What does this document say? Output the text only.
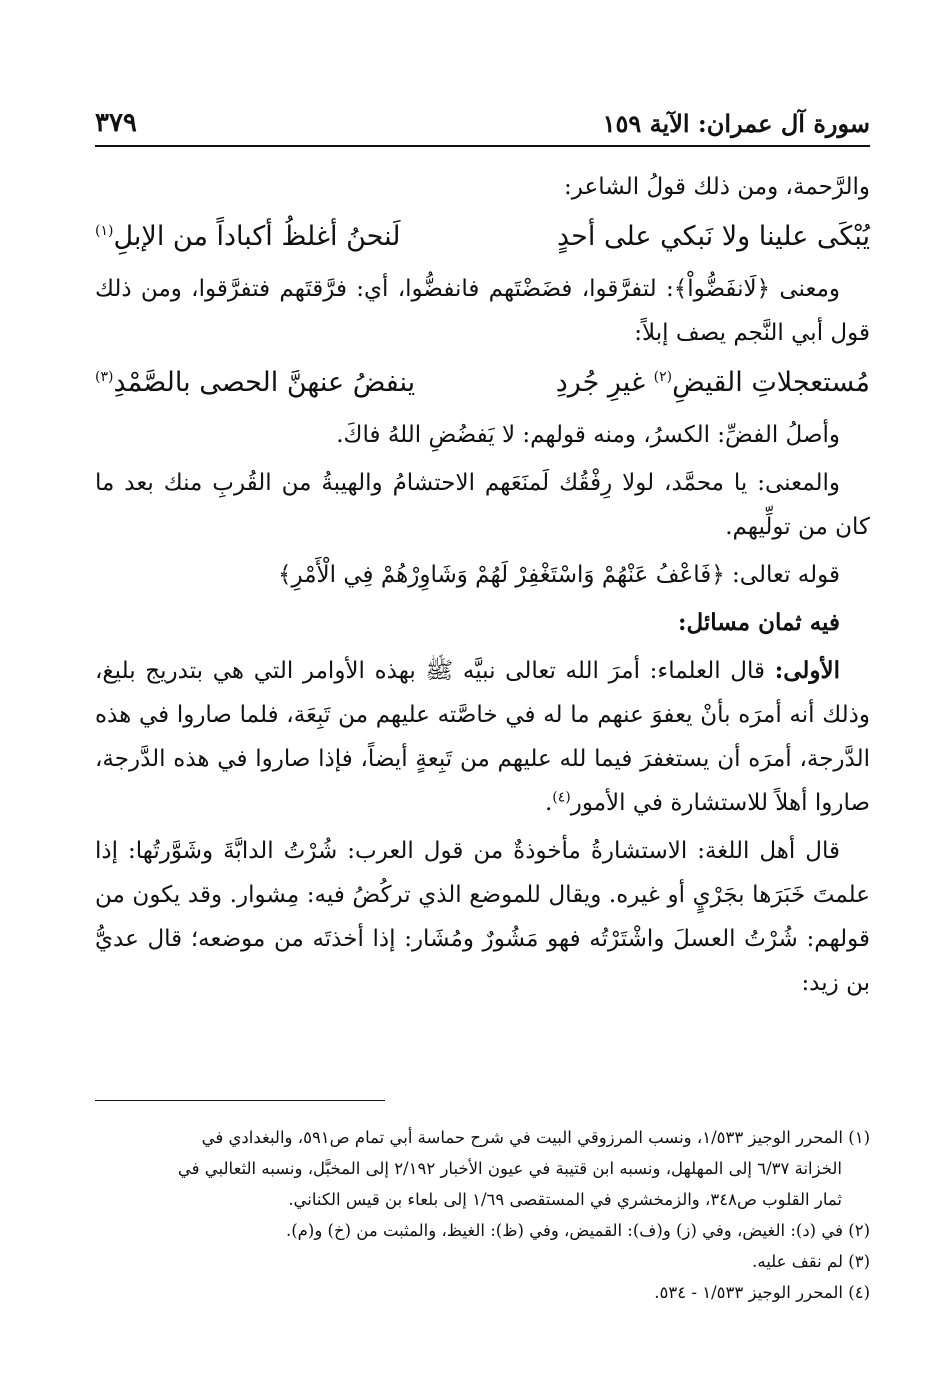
سورة آل عمران: الآية ١٥٩
٣٧٩

والرَّحمة، ومن ذلك قولُ الشاعر:

يُبْكَى علينا ولا نَبكي على أحدٍ
لَنحنُ أغلظُ أكباداً من الإبلِ$^{(١)}$

ومعنى ﴿لَانفَضُّواْ﴾: لتفرَّقوا، فضَضْتَهم فانفضُّوا، أي: فرَّقتَهم فتفرَّقوا، ومن ذلك قول أبي النَّجم يصف إبلاً:

مُستعجلاتِ القيضِ$^{(٢)}$ غيرِ جُردِ
ينفضُ عنهنَّ الحصى بالصَّمْدِ$^{(٣)}$

وأصلُ الفضِّ: الكسرُ، ومنه قولهم: لا يَفضُضِ اللهُ فاكَ.

والمعنى: يا محمَّد، لولا رِفْقُك لَمنَعَهم الاحتشامُ والهيبةُ من القُربِ منك بعد ما كان من تولِّيهم.

قوله تعالى: ﴿فَاعْفُ عَنْهُمْ وَاسْتَغْفِرْ لَهُمْ وَشَاوِرْهُمْ فِي الْأَمْرِ﴾

فيه ثمان مسائل:

الأولى: قال العلماء: أمرَ الله تعالى نبيَّه ﷺ بهذه الأوامر التي هي بتدريج بليغ، وذلك أنه أمرَه بأنْ يعفوَ عنهم ما له في خاصَّته عليهم من تَبِعَة، فلما صاروا في هذه الدَّرجة، أمرَه أن يستغفرَ فيما لله عليهم من تَبِعةٍ أيضاً، فإذا صاروا في هذه الدَّرجة، صاروا أهلاً للاستشارة في الأمور$^{(٤)}$.

قال أهل اللغة: الاستشارةُ مأخوذةٌ من قول العرب: شُرْتُ الدابَّةَ وشَوَّرتُها: إذا علمتَ خَبَرَها بجَرْيٍ أو غيره. ويقال للموضع الذي تركُضُ فيه: مِشوار. وقد يكون من قولهم: شُرْتُ العسلَ واشْتَرْتُه فهو مَشُورٌ ومُشَار: إذا أخذتَه من موضعه؛ قال عديُّ بن زيد:

(١) المحرر الوجيز ١/٥٣٣، ونسب المرزوقي البيت في شرح حماسة أبي تمام ص٥٩١، والبغدادي في

الخزانة ٦/٣٧ إلى المهلهل، ونسبه ابن قتيبة في عيون الأخبار ٢/١٩٢ إلى المخبَّل، ونسبه الثعالبي في

ثمار القلوب ص٣٤٨، والزمخشري في المستقصى ١/٦٩ إلى بلعاء بن قيس الكناني.

(٢) في (د): الغيض، وفي (ز) و(ف): القميض، وفي (ظ): الغيظ، والمثبت من (خ) و(م).

(٣) لم نقف عليه.

(٤) المحرر الوجيز ١/٥٣٣ - ٥٣٤.
